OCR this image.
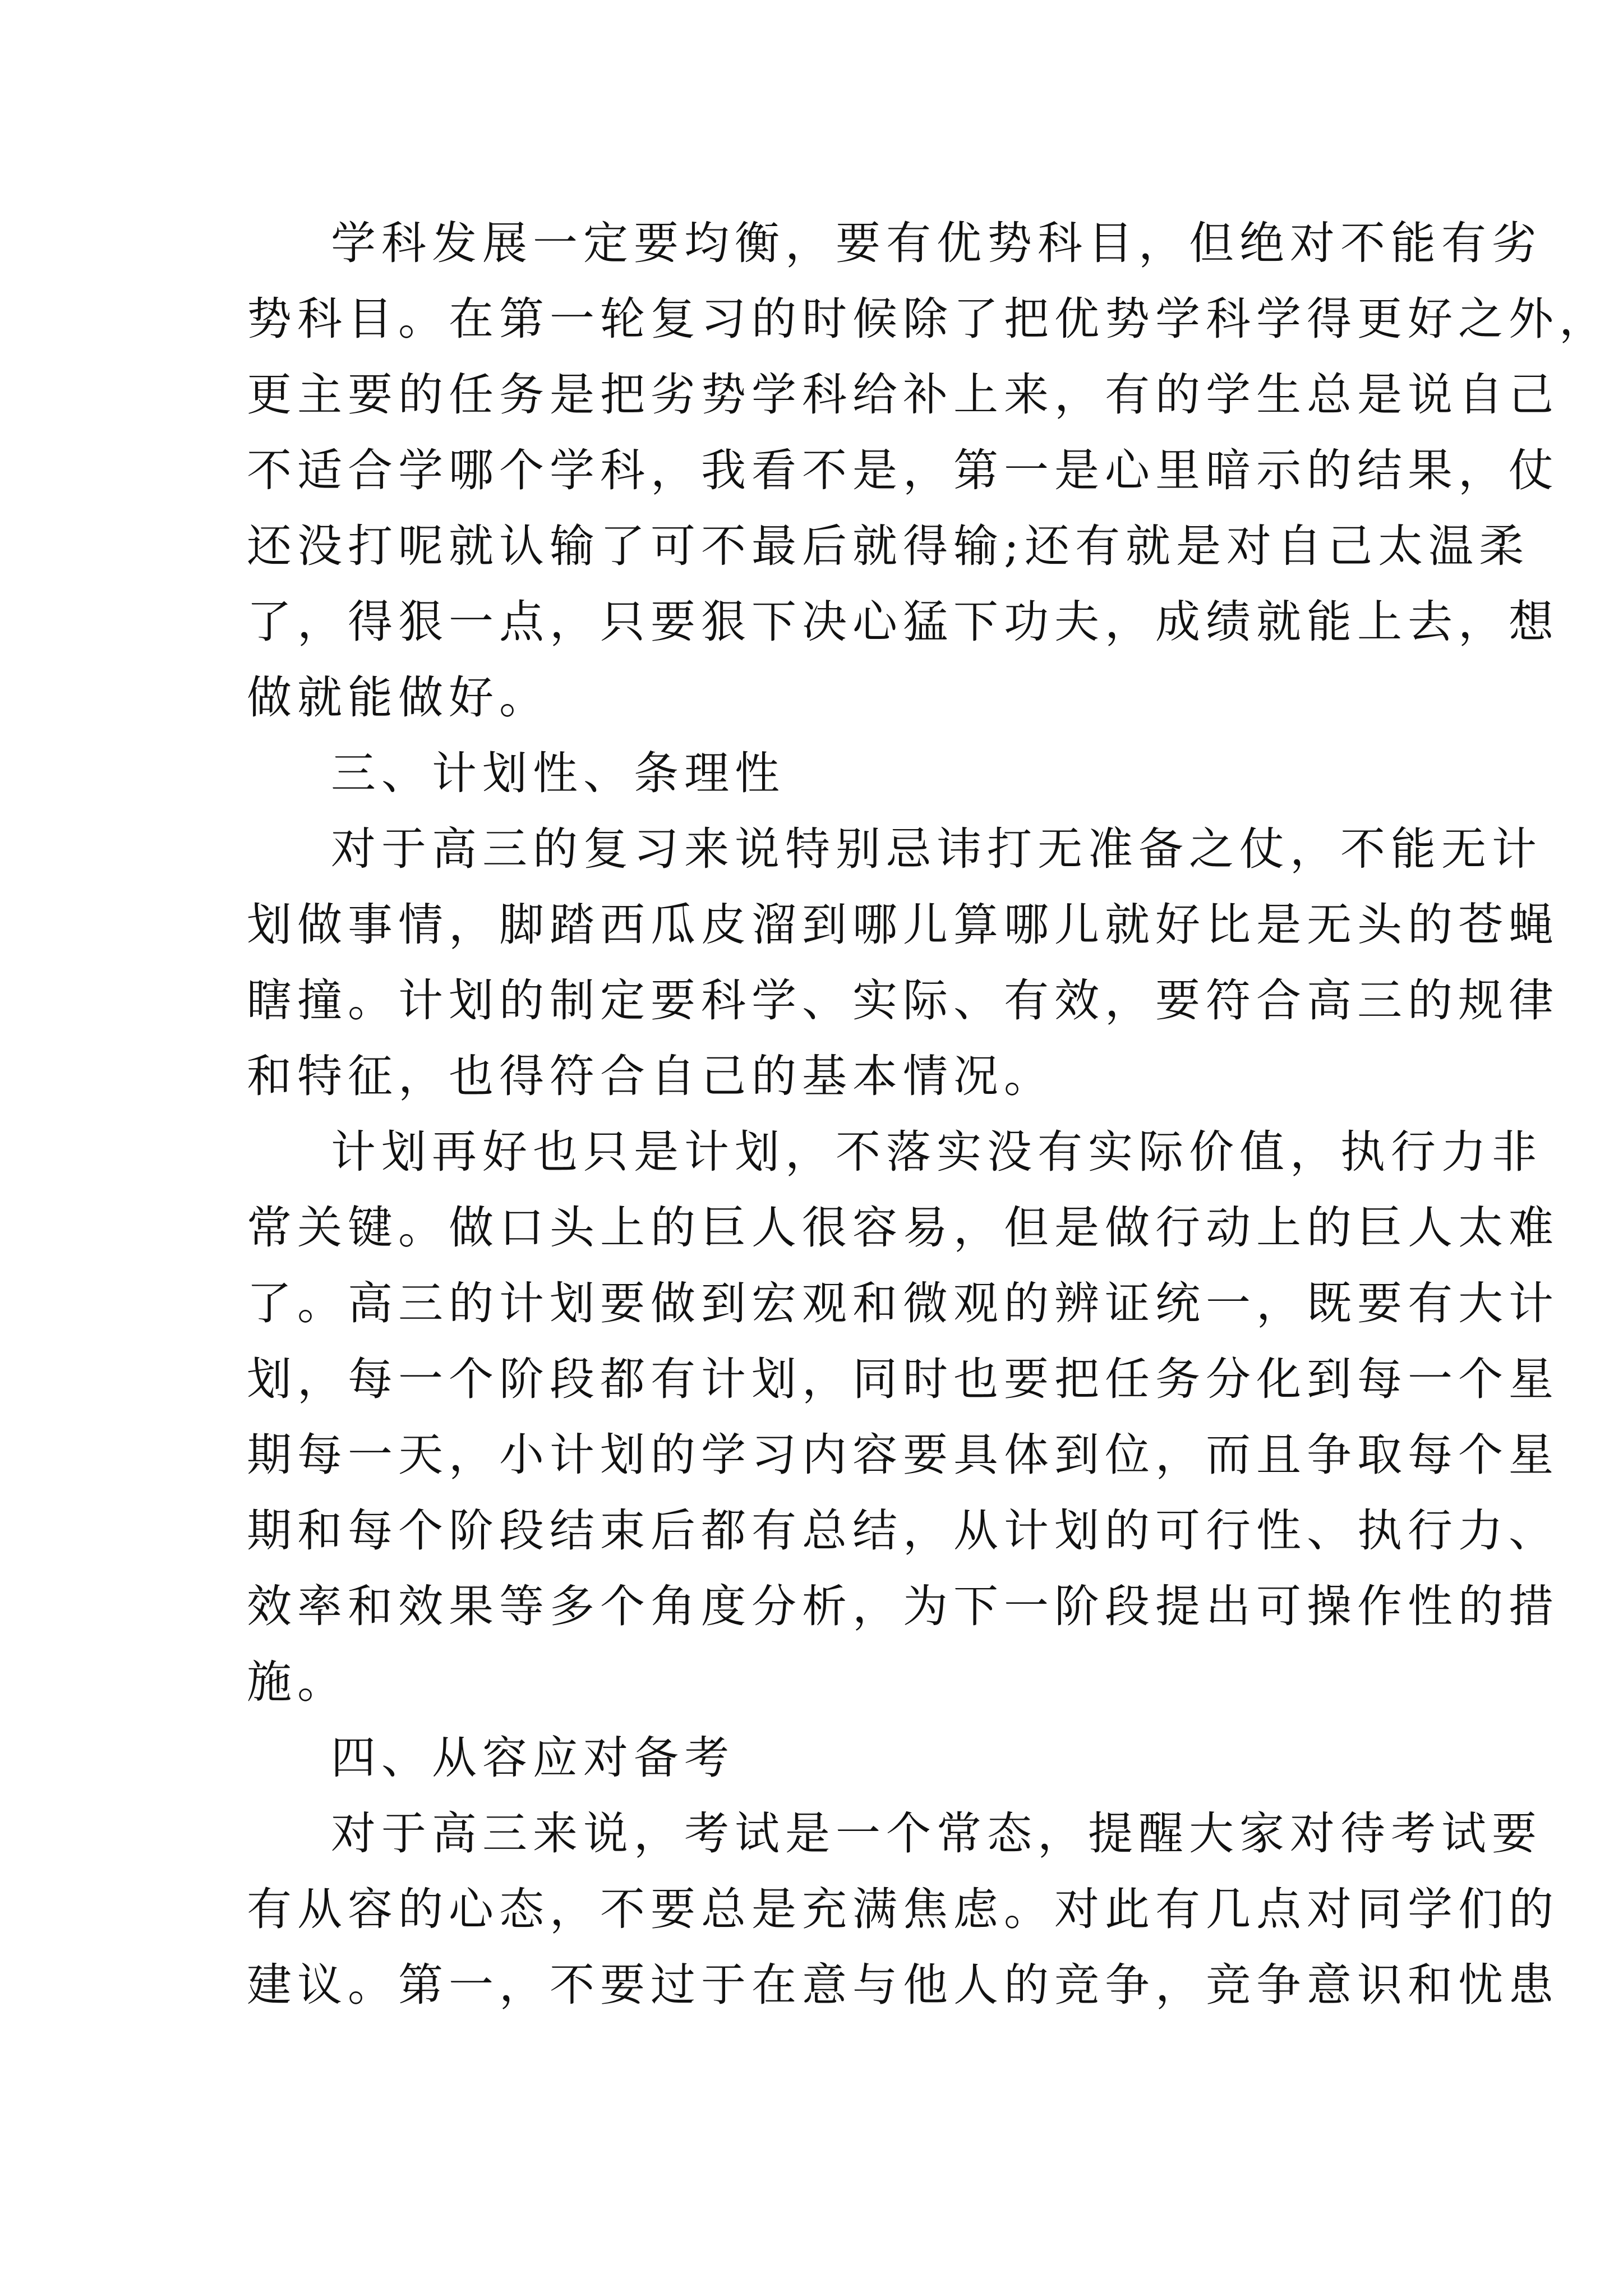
学科发展一定要均衡，要有优势科目，但绝对不能有劣
势科目。在第一轮复习的时候除了把优势学科学得更好之外，
更主要的任务是把劣势学科给补上来，有的学生总是说自己
不适合学哪个学科，我看不是，第一是心里暗示的结果，仗
还没打呢就认输了可不最后就得输;还有就是对自己太温柔
了，得狠一点，只要狠下决心猛下功夫，成绩就能上去，想
做就能做好。
三、计划性、条理性
对于高三的复习来说特别忌讳打无准备之仗，不能无计
划做事情，脚踏西瓜皮溜到哪儿算哪儿就好比是无头的苍蝇
瞎撞。计划的制定要科学、实际、有效，要符合高三的规律
和特征，也得符合自己的基本情况。
计划再好也只是计划，不落实没有实际价值，执行力非
常关键。做口头上的巨人很容易，但是做行动上的巨人太难
了。高三的计划要做到宏观和微观的辨证统一，既要有大计
划，每一个阶段都有计划，同时也要把任务分化到每一个星
期每一天，小计划的学习内容要具体到位，而且争取每个星
期和每个阶段结束后都有总结，从计划的可行性、执行力、
效率和效果等多个角度分析，为下一阶段提出可操作性的措
施。
四、从容应对备考
对于高三来说，考试是一个常态，提醒大家对待考试要
有从容的心态，不要总是充满焦虑。对此有几点对同学们的
建议。第一，不要过于在意与他人的竞争，竞争意识和忧患
